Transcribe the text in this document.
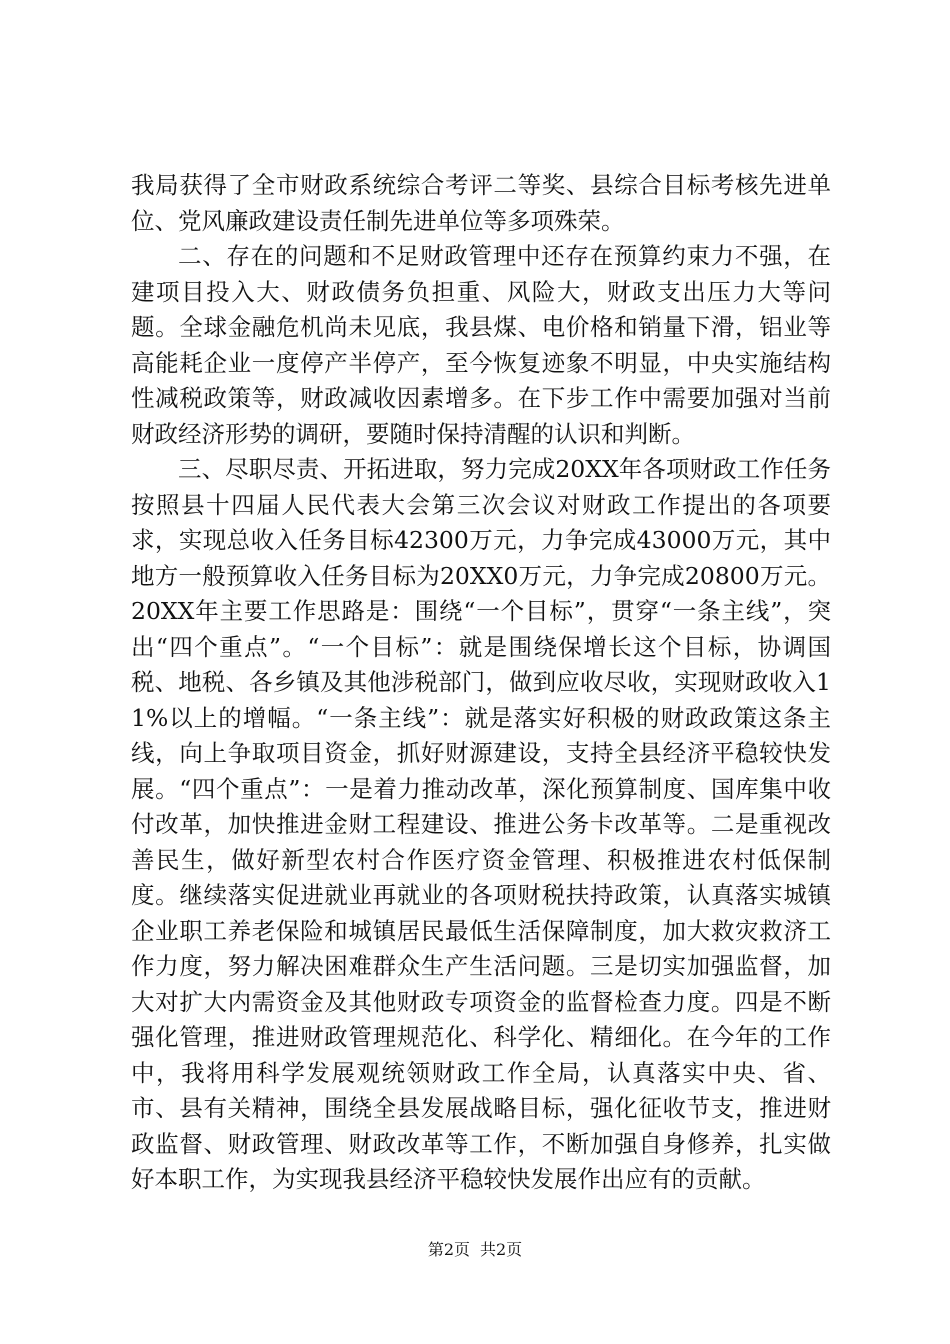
我局获得了全市财政系统综合考评二等奖、县综合目标考核先进单位、党风廉政建设责任制先进单位等多项殊荣。

二、存在的问题和不足财政管理中还存在预算约束力不强，在建项目投入大、财政债务负担重、风险大，财政支出压力大等问题。全球金融危机尚未见底，我县煤、电价格和销量下滑，铝业等高能耗企业一度停产半停产，至今恢复迹象不明显，中央实施结构性减税政策等，财政减收因素增多。在下步工作中需要加强对当前财政经济形势的调研，要随时保持清醒的认识和判断。

三、尽职尽责、开拓进取，努力完成20XX年各项财政工作任务按照县十四届人民代表大会第三次会议对财政工作提出的各项要求，实现总收入任务目标42300万元，力争完成43000万元，其中地方一般预算收入任务目标为20XX0万元，力争完成20800万元。20XX年主要工作思路是：围绕“一个目标”，贯穿“一条主线”，突出“四个重点”。“一个目标”：就是围绕保增长这个目标，协调国税、地税、各乡镇及其他涉税部门，做到应收尽收，实现财政收入11%以上的增幅。“一条主线”：就是落实好积极的财政政策这条主线，向上争取项目资金，抓好财源建设，支持全县经济平稳较快发展。“四个重点”：一是着力推动改革，深化预算制度、国库集中收付改革，加快推进金财工程建设、推进公务卡改革等。二是重视改善民生，做好新型农村合作医疗资金管理、积极推进农村低保制度。继续落实促进就业再就业的各项财税扶持政策，认真落实城镇企业职工养老保险和城镇居民最低生活保障制度，加大救灾救济工作力度，努力解决困难群众生产生活问题。三是切实加强监督，加大对扩大内需资金及其他财政专项资金的监督检查力度。四是不断强化管理，推进财政管理规范化、科学化、精细化。在今年的工作中，我将用科学发展观统领财政工作全局，认真落实中央、省、市、县有关精神，围绕全县发展战略目标，强化征收节支，推进财政监督、财政管理、财政改革等工作，不断加强自身修养，扎实做好本职工作，为实现我县经济平稳较快发展作出应有的贡献。

第2页 共2页
